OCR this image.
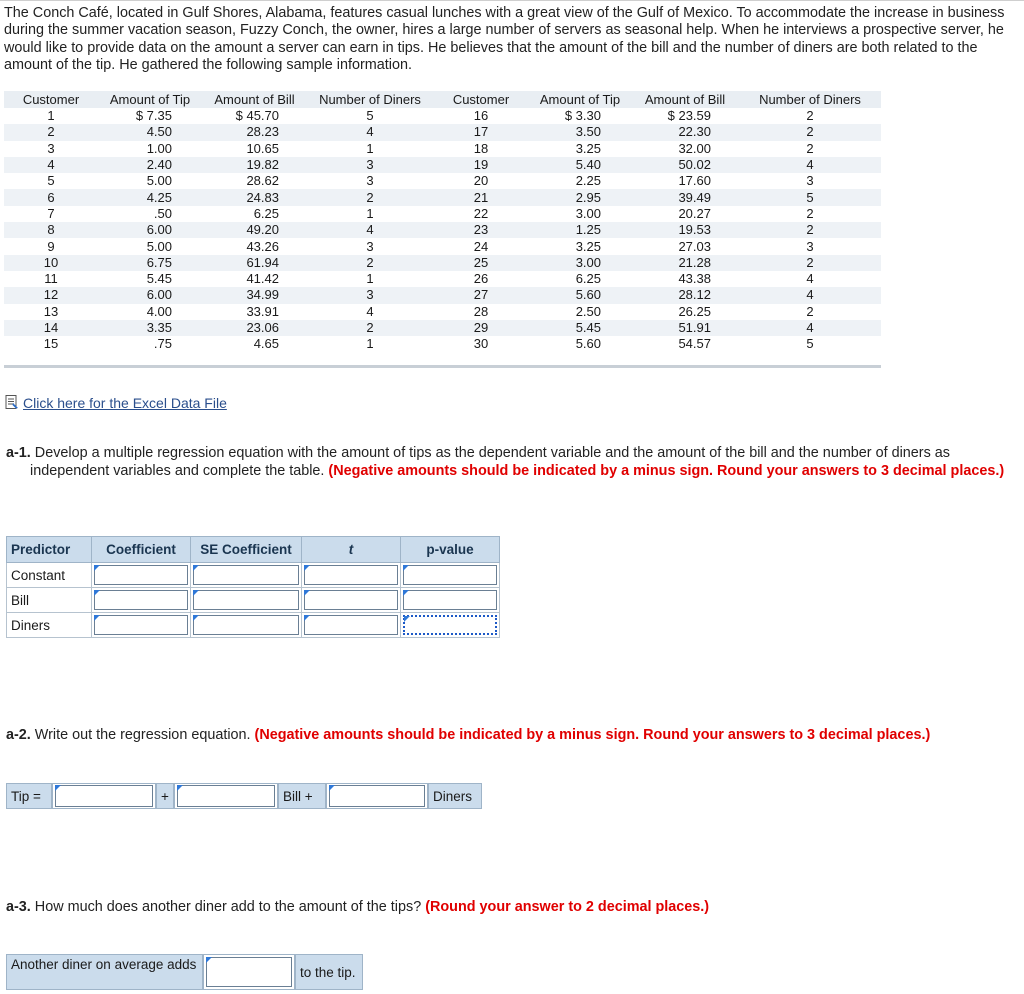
The Conch Café, located in Gulf Shores, Alabama, features casual lunches with a great view of the Gulf of Mexico. To accommodate the increase in business during the summer vacation season, Fuzzy Conch, the owner, hires a large number of servers as seasonal help. When he interviews a prospective server, he would like to provide data on the amount a server can earn in tips. He believes that the amount of the bill and the number of diners are both related to the amount of the tip. He gathered the following sample information.
Customer	Amount of Tip	Amount of Bill	Number of Diners	Customer	Amount of Tip	Amount of Bill	Number of Diners
1	$ 7.35	$ 45.70	5	16	$ 3.30	$ 23.59	2
2	4.50	28.23	4	17	3.50	22.30	2
3	1.00	10.65	1	18	3.25	32.00	2
4	2.40	19.82	3	19	5.40	50.02	4
5	5.00	28.62	3	20	2.25	17.60	3
6	4.25	24.83	2	21	2.95	39.49	5
7	.50	6.25	1	22	3.00	20.27	2
8	6.00	49.20	4	23	1.25	19.53	2
9	5.00	43.26	3	24	3.25	27.03	3
10	6.75	61.94	2	25	3.00	21.28	2
11	5.45	41.42	1	26	6.25	43.38	4
12	6.00	34.99	3	27	5.60	28.12	4
13	4.00	33.91	4	28	2.50	26.25	2
14	3.35	23.06	2	29	5.45	51.91	4
15	.75	4.65	1	30	5.60	54.57	5
Click here for the Excel Data File
a-1. Develop a multiple regression equation with the amount of tips as the dependent variable and the amount of the bill and the number of diners as
independent variables and complete the table. (Negative amounts should be indicated by a minus sign. Round your answers to 3 decimal places.)
Predictor	Coefficient	SE Coefficient	t	p-value
Constant	

Bill	

Diners	

a-2. Write out the regression equation. (Negative amounts should be indicated by a minus sign. Round your answers to 3 decimal places.)
Tip =	+	Bill +	Diners
a-3. How much does another diner add to the amount of the tips? (Round your answer to 2 decimal places.)
Another diner on average adds	to the tip.
